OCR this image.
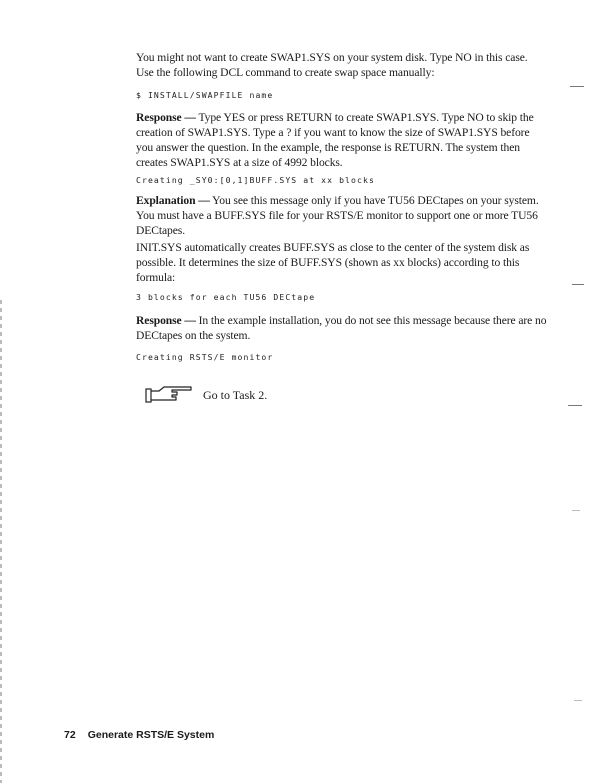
You might not want to create SWAP1.SYS on your system disk. Type NO in this case. Use the following DCL command to create swap space manually:

$ INSTALL/SWAPFILE name

Response — Type YES or press RETURN to create SWAP1.SYS. Type NO to skip the creation of SWAP1.SYS. Type a ? if you want to know the size of SWAP1.SYS before you answer the question. In the example, the response is RETURN. The system then creates SWAP1.SYS at a size of 4992 blocks.

Creating _SY0:[0,1]BUFF.SYS at xx blocks

Explanation — You see this message only if you have TU56 DECtapes on your system. You must have a BUFF.SYS file for your RSTS/E monitor to support one or more TU56 DECtapes.

INIT.SYS automatically creates BUFF.SYS as close to the center of the system disk as possible. It determines the size of BUFF.SYS (shown as xx blocks) according to this formula:

3 blocks for each TU56 DECtape

Response — In the example installation, you do not see this message because there are no DECtapes on the system.

Creating RSTS/E monitor

Go to Task 2.
72 Generate RSTS/E System
